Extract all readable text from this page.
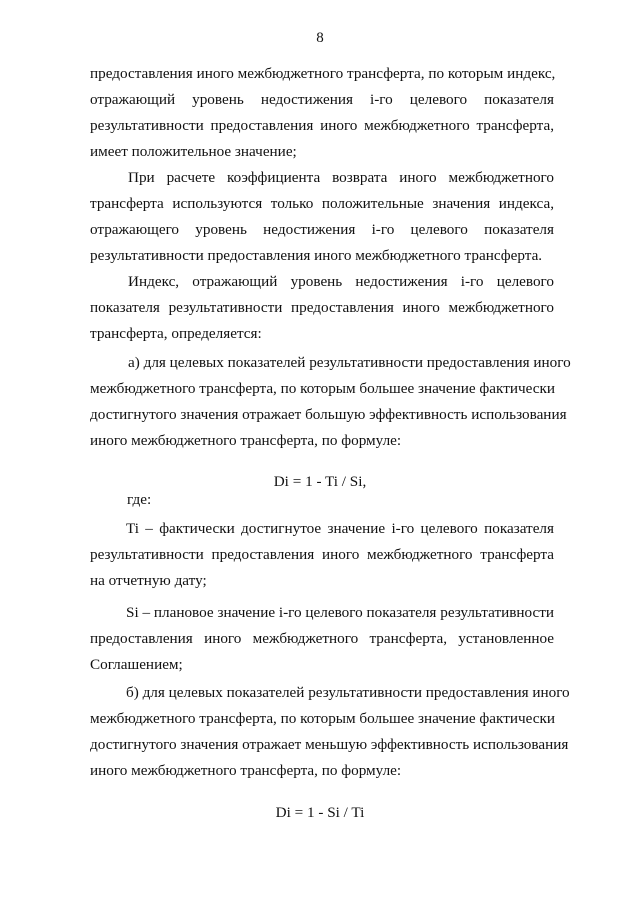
8
предоставления иного межбюджетного трансферта, по которым индекс,
отражающий уровень недостижения i-го целевого показателя
результативности предоставления иного межбюджетного трансферта,
имеет положительное значение;
При расчете коэффициента возврата иного межбюджетного
трансферта используются только положительные значения индекса,
отражающего уровень недостижения i-го целевого показателя
результативности предоставления иного межбюджетного трансферта.
Индекс, отражающий уровень недостижения i-го целевого
показателя результативности предоставления иного межбюджетного
трансферта, определяется:
а) для целевых показателей результативности предоставления иного
межбюджетного трансферта, по которым большее значение фактически
достигнутого значения отражает большую эффективность использования
иного межбюджетного трансферта, по формуле:
Di = 1 - Ti / Si,
где:
Ti – фактически достигнутое значение i-го целевого показателя
результативности предоставления иного межбюджетного трансферта
на отчетную дату;
Si – плановое значение i-го целевого показателя результативности
предоставления иного межбюджетного трансферта, установленное
Соглашением;
б) для целевых показателей результативности предоставления иного
межбюджетного трансферта, по которым большее значение фактически
достигнутого значения отражает меньшую эффективность использования
иного межбюджетного трансферта, по формуле:
Di = 1 - Si / Ti
